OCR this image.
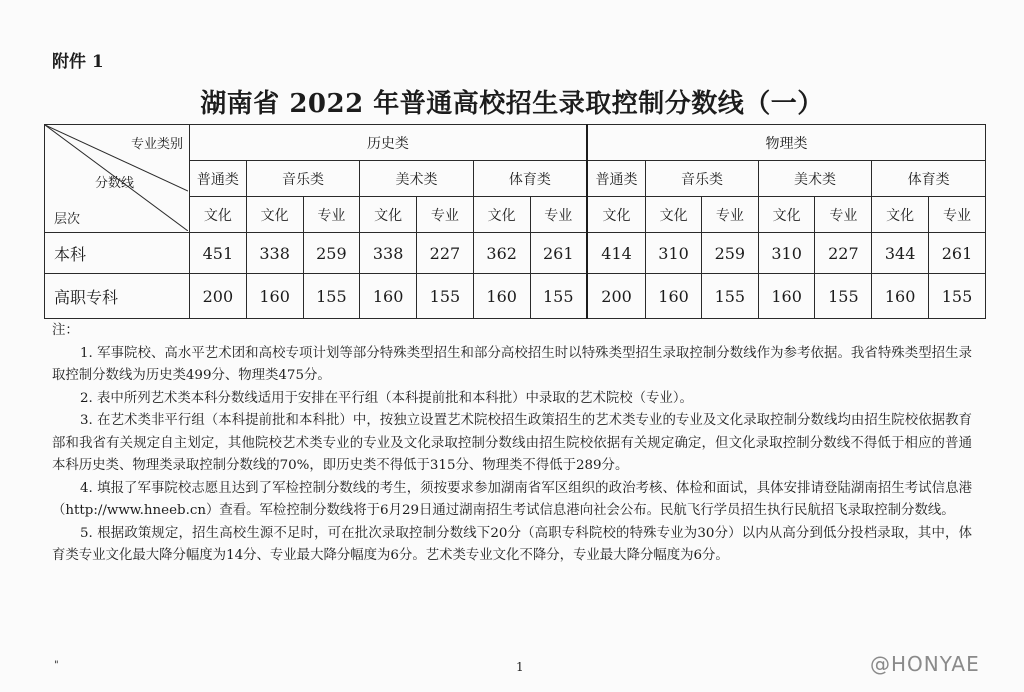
附件 1
湖南省 2022 年普通高校招生录取控制分数线（一）
专业类别
分数线
层次	历史类							物理类						
	普通类	音乐类		美术类		体育类		普通类	音乐类		美术类		体育类	
	文化	文化	专业	文化	专业	文化	专业	文化	文化	专业	文化	专业	文化	专业
本科	451	338	259	338	227	362	261	414	310	259	310	227	344	261
高职专科	200	160	155	160	155	160	155	200	160	155	160	155	160	155

注：

1. 军事院校、高水平艺术团和高校专项计划等部分特殊类型招生和部分高校招生时以特殊类型招生录取控制分数线作为参考依据。我省特殊类型招生录取控制分数线为历史类499分、物理类475分。

2. 表中所列艺术类本科分数线适用于安排在平行组（本科提前批和本科批）中录取的艺术院校（专业）。

3. 在艺术类非平行组（本科提前批和本科批）中，按独立设置艺术院校招生政策招生的艺术类专业的专业及文化录取控制分数线均由招生院校依据教育部和我省有关规定自主划定，其他院校艺术类专业的专业及文化录取控制分数线由招生院校依据有关规定确定，但文化录取控制分数线不得低于相应的普通本科历史类、物理类录取控制分数线的70%，即历史类不得低于315分、物理类不得低于289分。

4. 填报了军事院校志愿且达到了军检控制分数线的考生，须按要求参加湖南省军区组织的政治考核、体检和面试，具体安排请登陆湖南招生考试信息港（http://www.hneeb.cn）查看。军检控制分数线将于6月29日通过湖南招生考试信息港向社会公布。民航飞行学员招生执行民航招飞录取控制分数线。

5. 根据政策规定，招生高校生源不足时，可在批次录取控制分数线下20分（高职专科院校的特殊专业为30分）以内从高分到低分投档录取，其中，体育类专业文化最大降分幅度为14分、专业最大降分幅度为6分。艺术类专业文化不降分，专业最大降分幅度为6分。

"	1	@HONYAE
